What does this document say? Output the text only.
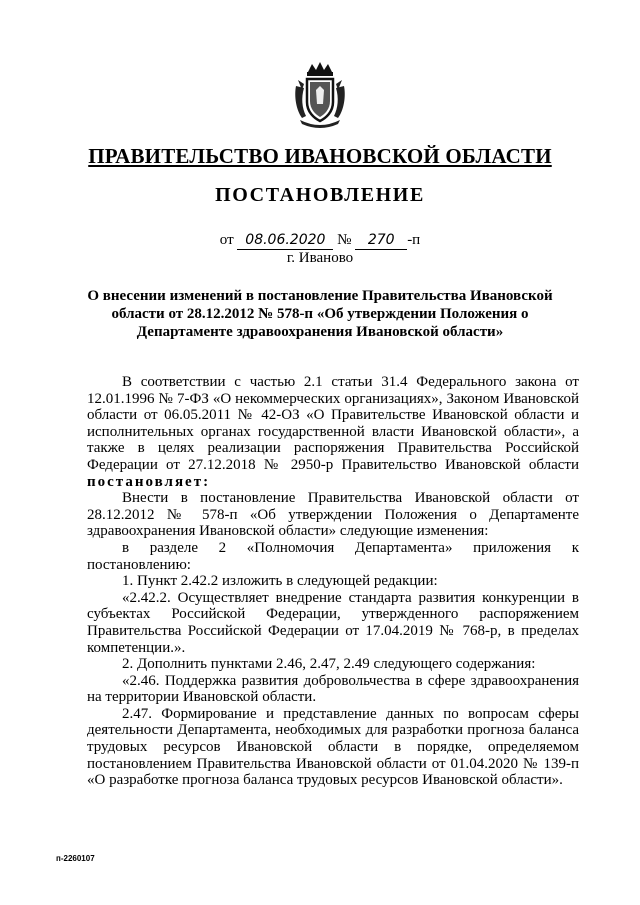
ПРАВИТЕЛЬСТВО ИВАНОВСКОЙ ОБЛАСТИ
ПОСТАНОВЛЕНИЕ
от 08.06.2020 № 270 -п
г. Иваново
О внесении изменений в постановление Правительства Ивановской области от 28.12.2012 № 578-п «Об утверждении Положения о Департаменте здравоохранения Ивановской области»

В соответствии с частью 2.1 статьи 31.4 Федерального закона от 12.01.1996 № 7-ФЗ «О некоммерческих организациях», Законом Ивановской области от 06.05.2011 № 42-ОЗ «О Правительстве Ивановской области и исполнительных органах государственной власти Ивановской области», а также в целях реализации распоряжения Правительства Российской Федерации от 27.12.2018 № 2950-р Правительство Ивановской области постановляет:

Внести в постановление Правительства Ивановской области от 28.12.2012 № 578-п «Об утверждении Положения о Департаменте здравоохранения Ивановской области» следующие изменения:

в разделе 2 «Полномочия Департамента» приложения к постановлению:

1. Пункт 2.42.2 изложить в следующей редакции:

«2.42.2. Осуществляет внедрение стандарта развития конкуренции в субъектах Российской Федерации, утвержденного распоряжением Правительства Российской Федерации от 17.04.2019 № 768-р, в пределах компетенции.».

2. Дополнить пунктами 2.46, 2.47, 2.49 следующего содержания:

«2.46. Поддержка развития добровольчества в сфере здравоохранения на территории Ивановской области.

2.47. Формирование и представление данных по вопросам сферы деятельности Департамента, необходимых для разработки прогноза баланса трудовых ресурсов Ивановской области в порядке, определяемом постановлением Правительства Ивановской области от 01.04.2020 № 139-п «О разработке прогноза баланса трудовых ресурсов Ивановской области».

п-2260107
